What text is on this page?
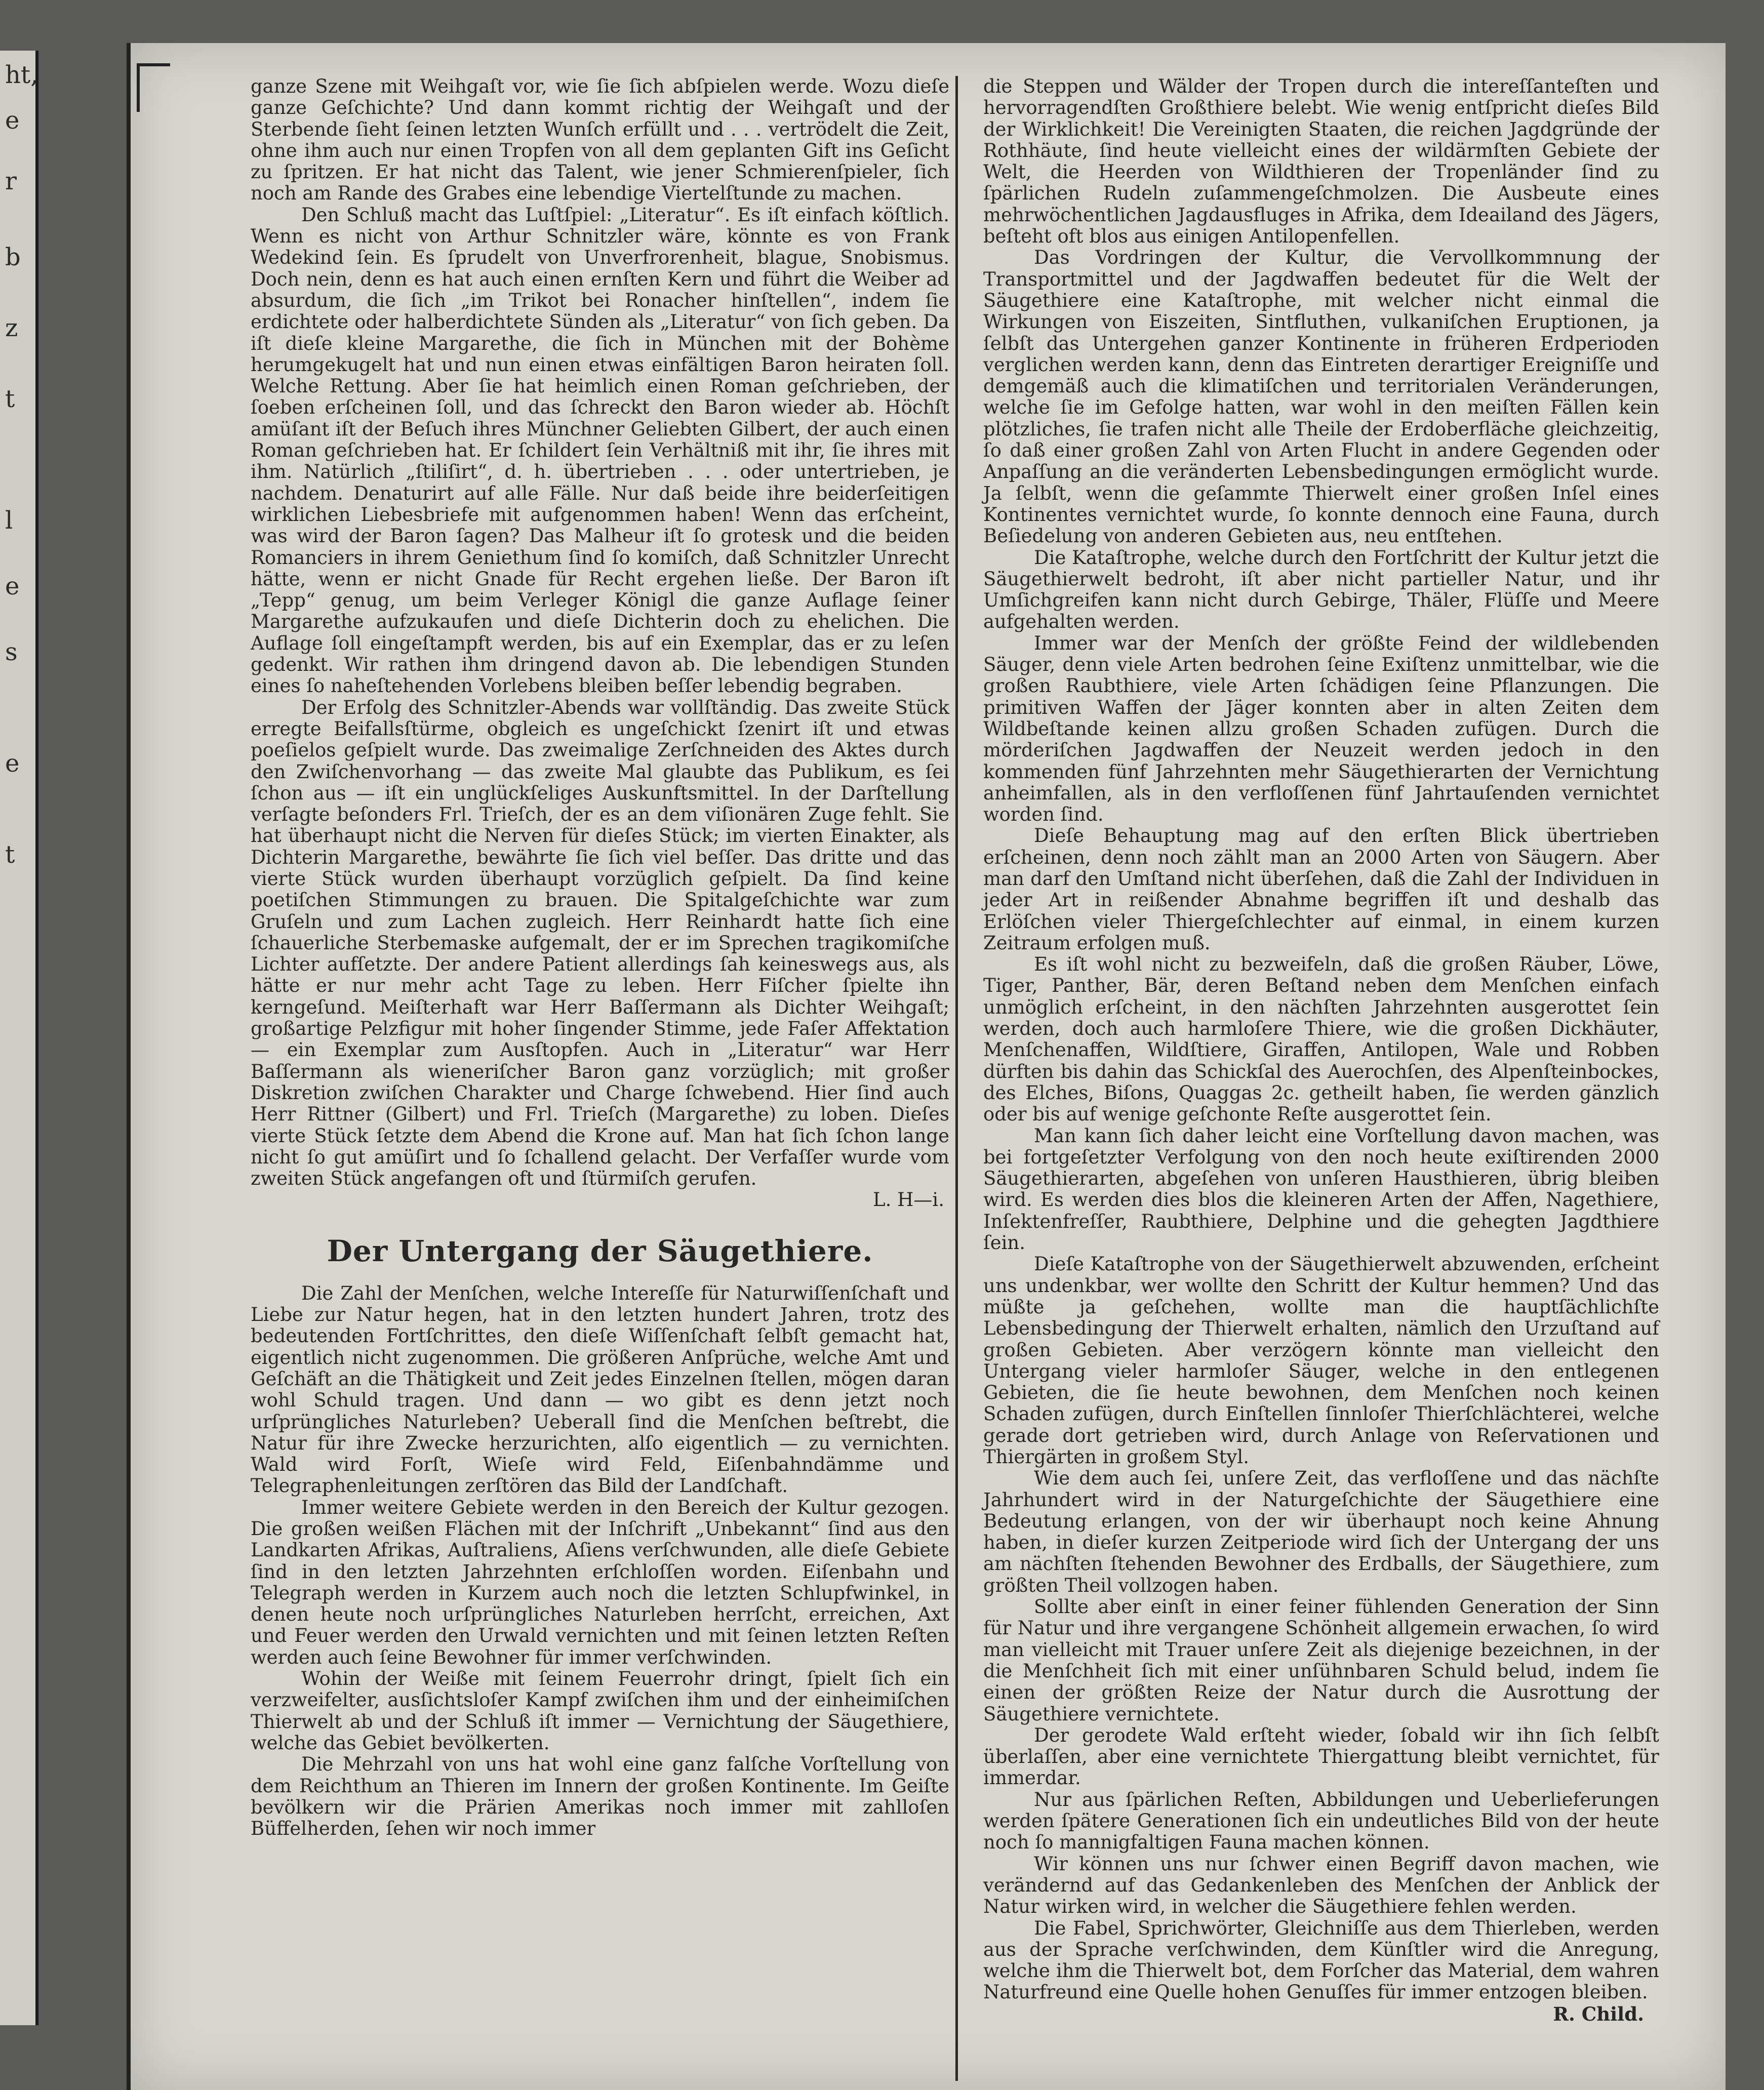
ht,
e
r
b
z
t
l
e
s
e
t

ganze Szene mit Weihgaſt vor, wie ſie ſich abſpielen werde. Wozu dieſe ganze Geſchichte? Und dann kommt richtig der Weihgaſt und der Sterbende ſieht ſeinen letzten Wunſch erfüllt und . . . vertrödelt die Zeit, ohne ihm auch nur einen Tropfen von all dem geplanten Gift ins Geſicht zu ſpritzen. Er hat nicht das Talent, wie jener Schmierenſpieler, ſich noch am Rande des Grabes eine lebendige Viertelſtunde zu machen.

Den Schluß macht das Luſtſpiel: „Literatur“. Es iſt einfach köſtlich. Wenn es nicht von Arthur Schnitzler wäre, könnte es von Frank Wedekind ſein. Es ſprudelt von Unverfrorenheit, blague, Snobismus. Doch nein, denn es hat auch einen ernſten Kern und führt die Weiber ad absurdum, die ſich „im Trikot bei Ronacher hinſtellen“, indem ſie erdichtete oder halberdichtete Sünden als „Literatur“ von ſich geben. Da iſt dieſe kleine Margarethe, die ſich in München mit der Bohème herumgekugelt hat und nun einen etwas einfältigen Baron heiraten ſoll. Welche Rettung. Aber ſie hat heimlich einen Roman geſchrieben, der ſoeben erſcheinen ſoll, und das ſchreckt den Baron wieder ab. Höchſt amüſant iſt der Beſuch ihres Münchner Geliebten Gilbert, der auch einen Roman geſchrieben hat. Er ſchildert ſein Verhältniß mit ihr, ſie ihres mit ihm. Natürlich „ſtiliſirt“, d. h. übertrieben . . . oder untertrieben, je nachdem. Denaturirt auf alle Fälle. Nur daß beide ihre beiderſeitigen wirklichen Liebesbriefe mit aufgenommen haben! Wenn das erſcheint, was wird der Baron ſagen? Das Malheur iſt ſo grotesk und die beiden Romanciers in ihrem Geniethum ſind ſo komiſch, daß Schnitzler Unrecht hätte, wenn er nicht Gnade für Recht ergehen ließe. Der Baron iſt „Tepp“ genug, um beim Verleger Königl die ganze Auflage ſeiner Margarethe aufzukaufen und dieſe Dichterin doch zu ehelichen. Die Auflage ſoll eingeſtampft werden, bis auf ein Exemplar, das er zu leſen gedenkt. Wir rathen ihm dringend davon ab. Die lebendigen Stunden eines ſo naheſtehenden Vorlebens bleiben beſſer lebendig begraben.

Der Erfolg des Schnitzler-Abends war vollſtändig. Das zweite Stück erregte Beifallsſtürme, obgleich es ungeſchickt ſzenirt iſt und etwas poeſielos geſpielt wurde. Das zweimalige Zerſchneiden des Aktes durch den Zwiſchenvorhang — das zweite Mal glaubte das Publikum, es ſei ſchon aus — iſt ein unglückſeliges Auskunftsmittel. In der Darſtellung verſagte beſonders Frl. Trieſch, der es an dem viſionären Zuge fehlt. Sie hat überhaupt nicht die Nerven für dieſes Stück; im vierten Einakter, als Dichterin Margarethe, bewährte ſie ſich viel beſſer. Das dritte und das vierte Stück wurden überhaupt vorzüglich geſpielt. Da ſind keine poetiſchen Stimmungen zu brauen. Die Spitalgeſchichte war zum Gruſeln und zum Lachen zugleich. Herr Reinhardt hatte ſich eine ſchauerliche Sterbemaske aufgemalt, der er im Sprechen tragikomiſche Lichter aufſetzte. Der andere Patient allerdings ſah keineswegs aus, als hätte er nur mehr acht Tage zu leben. Herr Fiſcher ſpielte ihn kerngeſund. Meiſterhaft war Herr Baſſermann als Dichter Weihgaſt; großartige Pelzfigur mit hoher ſingender Stimme, jede Faſer Affektation — ein Exemplar zum Ausſtopfen. Auch in „Literatur“ war Herr Baſſermann als wieneriſcher Baron ganz vorzüglich; mit großer Diskretion zwiſchen Charakter und Charge ſchwebend. Hier ſind auch Herr Rittner (Gilbert) und Frl. Trieſch (Margarethe) zu loben. Dieſes vierte Stück ſetzte dem Abend die Krone auf. Man hat ſich ſchon lange nicht ſo gut amüſirt und ſo ſchallend gelacht. Der Verfaſſer wurde vom zweiten Stück angefangen oft und ſtürmiſch gerufen.

L. H—i.

Der Untergang der Säugethiere.

Die Zahl der Menſchen, welche Intereſſe für Naturwiſſenſchaft und Liebe zur Natur hegen, hat in den letzten hundert Jahren, trotz des bedeutenden Fortſchrittes, den dieſe Wiſſenſchaft ſelbſt gemacht hat, eigentlich nicht zugenommen. Die größeren Anſprüche, welche Amt und Geſchäft an die Thätigkeit und Zeit jedes Einzelnen ſtellen, mögen daran wohl Schuld tragen. Und dann — wo gibt es denn jetzt noch urſprüngliches Naturleben? Ueberall ſind die Menſchen beſtrebt, die Natur für ihre Zwecke herzurichten, alſo eigentlich — zu vernichten. Wald wird Forſt, Wieſe wird Feld, Eiſenbahndämme und Telegraphenleitungen zerſtören das Bild der Landſchaft.

Immer weitere Gebiete werden in den Bereich der Kultur gezogen. Die großen weißen Flächen mit der Inſchrift „Unbekannt“ ſind aus den Landkarten Afrikas, Auſtraliens, Aſiens verſchwunden, alle dieſe Gebiete ſind in den letzten Jahrzehnten erſchloſſen worden. Eiſenbahn und Telegraph werden in Kurzem auch noch die letzten Schlupfwinkel, in denen heute noch urſprüngliches Naturleben herrſcht, erreichen, Axt und Feuer werden den Urwald vernichten und mit ſeinen letzten Reſten werden auch ſeine Bewohner für immer verſchwinden.

Wohin der Weiße mit ſeinem Feuerrohr dringt, ſpielt ſich ein verzweifelter, ausſichtsloſer Kampf zwiſchen ihm und der einheimiſchen Thierwelt ab und der Schluß iſt immer — Vernichtung der Säugethiere, welche das Gebiet bevölkerten.

Die Mehrzahl von uns hat wohl eine ganz falſche Vorſtellung von dem Reichthum an Thieren im Innern der großen Kontinente. Im Geiſte bevölkern wir die Prärien Amerikas noch immer mit zahlloſen Büffelherden, ſehen wir noch immer

die Steppen und Wälder der Tropen durch die intereſſanteſten und hervorragendſten Großthiere belebt. Wie wenig entſpricht dieſes Bild der Wirklichkeit! Die Vereinigten Staaten, die reichen Jagdgründe der Rothhäute, ſind heute vielleicht eines der wildärmſten Gebiete der Welt, die Heerden von Wildthieren der Tropenländer ſind zu ſpärlichen Rudeln zuſammengeſchmolzen. Die Ausbeute eines mehrwöchentlichen Jagdausfluges in Afrika, dem Ideailand des Jägers, beſteht oft blos aus einigen Antilopenfellen.

Das Vordringen der Kultur, die Vervollkommnung der Transportmittel und der Jagdwaffen bedeutet für die Welt der Säugethiere eine Kataſtrophe, mit welcher nicht einmal die Wirkungen von Eiszeiten, Sintfluthen, vulkaniſchen Eruptionen, ja ſelbſt das Untergehen ganzer Kontinente in früheren Erdperioden verglichen werden kann, denn das Eintreten derartiger Ereigniſſe und demgemäß auch die klimatiſchen und territorialen Veränderungen, welche ſie im Gefolge hatten, war wohl in den meiſten Fällen kein plötzliches, ſie trafen nicht alle Theile der Erdoberfläche gleichzeitig, ſo daß einer großen Zahl von Arten Flucht in andere Gegenden oder Anpaſſung an die veränderten Lebensbedingungen ermöglicht wurde. Ja ſelbſt, wenn die geſammte Thierwelt einer großen Inſel eines Kontinentes vernichtet wurde, ſo konnte dennoch eine Fauna, durch Beſiedelung von anderen Gebieten aus, neu entſtehen.

Die Kataſtrophe, welche durch den Fortſchritt der Kultur jetzt die Säugethierwelt bedroht, iſt aber nicht partieller Natur, und ihr Umſichgreifen kann nicht durch Gebirge, Thäler, Flüſſe und Meere aufgehalten werden.

Immer war der Menſch der größte Feind der wildlebenden Säuger, denn viele Arten bedrohen ſeine Exiſtenz unmittelbar, wie die großen Raubthiere, viele Arten ſchädigen ſeine Pflanzungen. Die primitiven Waffen der Jäger konnten aber in alten Zeiten dem Wildbeſtande keinen allzu großen Schaden zufügen. Durch die mörderiſchen Jagdwaffen der Neuzeit werden jedoch in den kommenden fünf Jahrzehnten mehr Säugethierarten der Vernichtung anheimfallen, als in den verfloſſenen fünf Jahrtauſenden vernichtet worden ſind.

Dieſe Behauptung mag auf den erſten Blick übertrieben erſcheinen, denn noch zählt man an 2000 Arten von Säugern. Aber man darf den Umſtand nicht überſehen, daß die Zahl der Individuen in jeder Art in reißender Abnahme begriffen iſt und deshalb das Erlöſchen vieler Thiergeſchlechter auf einmal, in einem kurzen Zeitraum erfolgen muß.

Es iſt wohl nicht zu bezweifeln, daß die großen Räuber, Löwe, Tiger, Panther, Bär, deren Beſtand neben dem Menſchen einfach unmöglich erſcheint, in den nächſten Jahrzehnten ausgerottet ſein werden, doch auch harmloſere Thiere, wie die großen Dickhäuter, Menſchenaffen, Wildſtiere, Giraffen, Antilopen, Wale und Robben dürften bis dahin das Schickſal des Auerochſen, des Alpenſteinbockes, des Elches, Biſons, Quaggas 2c. getheilt haben, ſie werden gänzlich oder bis auf wenige geſchonte Reſte ausgerottet ſein.

Man kann ſich daher leicht eine Vorſtellung davon machen, was bei fortgeſetzter Verfolgung von den noch heute exiſtirenden 2000 Säugethierarten, abgeſehen von unſeren Hausthieren, übrig bleiben wird. Es werden dies blos die kleineren Arten der Affen, Nagethiere, Inſektenfreſſer, Raubthiere, Delphine und die gehegten Jagdthiere ſein.

Dieſe Kataſtrophe von der Säugethierwelt abzuwenden, erſcheint uns undenkbar, wer wollte den Schritt der Kultur hemmen? Und das müßte ja geſchehen, wollte man die hauptſächlichſte Lebensbedingung der Thierwelt erhalten, nämlich den Urzuſtand auf großen Gebieten. Aber verzögern könnte man vielleicht den Untergang vieler harmloſer Säuger, welche in den entlegenen Gebieten, die ſie heute bewohnen, dem Menſchen noch keinen Schaden zufügen, durch Einſtellen ſinnloſer Thierſchlächterei, welche gerade dort getrieben wird, durch Anlage von Reſervationen und Thiergärten in großem Styl.

Wie dem auch ſei, unſere Zeit, das verfloſſene und das nächſte Jahrhundert wird in der Naturgeſchichte der Säugethiere eine Bedeutung erlangen, von der wir überhaupt noch keine Ahnung haben, in dieſer kurzen Zeitperiode wird ſich der Untergang der uns am nächſten ſtehenden Bewohner des Erdballs, der Säugethiere, zum größten Theil vollzogen haben.

Sollte aber einſt in einer feiner fühlenden Generation der Sinn für Natur und ihre vergangene Schönheit allgemein erwachen, ſo wird man vielleicht mit Trauer unſere Zeit als diejenige bezeichnen, in der die Menſchheit ſich mit einer unſühnbaren Schuld belud, indem ſie einen der größten Reize der Natur durch die Ausrottung der Säugethiere vernichtete.

Der gerodete Wald erſteht wieder, ſobald wir ihn ſich ſelbſt überlaſſen, aber eine vernichtete Thiergattung bleibt vernichtet, für immerdar.

Nur aus ſpärlichen Reſten, Abbildungen und Ueberlieferungen werden ſpätere Generationen ſich ein undeutliches Bild von der heute noch ſo mannigfaltigen Fauna machen können.

Wir können uns nur ſchwer einen Begriff davon machen, wie verändernd auf das Gedankenleben des Menſchen der Anblick der Natur wirken wird, in welcher die Säugethiere fehlen werden.

Die Fabel, Sprichwörter, Gleichniſſe aus dem Thierleben, werden aus der Sprache verſchwinden, dem Künſtler wird die Anregung, welche ihm die Thierwelt bot, dem Forſcher das Material, dem wahren Naturfreund eine Quelle hohen Genuſſes für immer entzogen bleiben.

R. Child.
